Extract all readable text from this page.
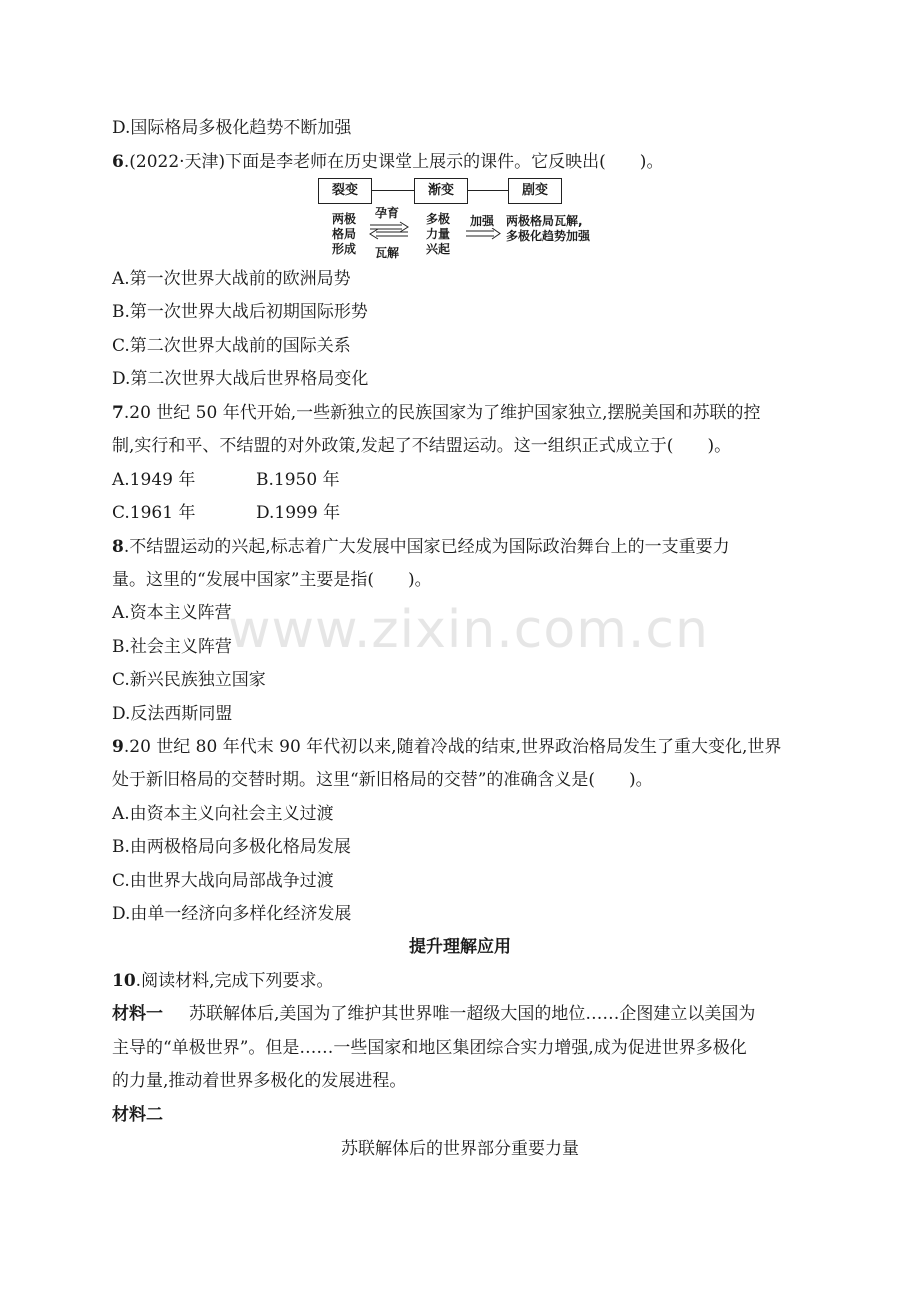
www.zixin.com.cn
D.国际格局多极化趋势不断加强
6.(2022·天津)下面是李老师在历史课堂上展示的课件。它反映出(　　)。
裂变	渐变	剧变
两极
格局
形成
孕育
瓦解
多极
力量
兴起
加强 两极格局瓦解,
多极化趋势加强
A.第一次世界大战前的欧洲局势
B.第一次世界大战后初期国际形势
C.第二次世界大战前的国际关系
D.第二次世界大战后世界格局变化
7.20 世纪 50 年代开始,一些新独立的民族国家为了维护国家独立,摆脱美国和苏联的控
制,实行和平、不结盟的对外政策,发起了不结盟运动。这一组织正式成立于(　　)。
A.1949 年	B.1950 年
C.1961 年	D.1999 年
8.不结盟运动的兴起,标志着广大发展中国家已经成为国际政治舞台上的一支重要力
量。这里的“发展中国家”主要是指(　　)。
A.资本主义阵营
B.社会主义阵营
C.新兴民族独立国家
D.反法西斯同盟
9.20 世纪 80 年代末 90 年代初以来,随着冷战的结束,世界政治格局发生了重大变化,世界
处于新旧格局的交替时期。这里“新旧格局的交替”的准确含义是(　　)。
A.由资本主义向社会主义过渡
B.由两极格局向多极化格局发展
C.由世界大战向局部战争过渡
D.由单一经济向多样化经济发展
提升理解应用
10.阅读材料,完成下列要求。
材料一 苏联解体后,美国为了维护其世界唯一超级大国的地位……企图建立以美国为
主导的“单极世界”。但是……一些国家和地区集团综合实力增强,成为促进世界多极化
的力量,推动着世界多极化的发展进程。
材料二
苏联解体后的世界部分重要力量
